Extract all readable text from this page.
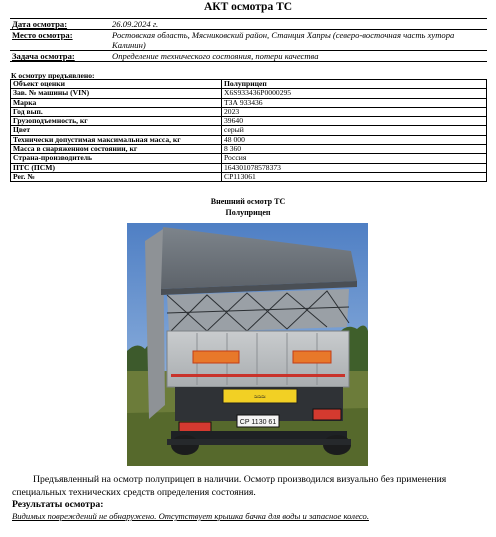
АКТ осмотра ТС
Дата осмотра:	26.09.2024 г.
Место осмотра:	Ростовская область, Мясниковский район, Станция Хапры (северо-восточная часть хутора Калинин)
Задача осмотра:	Определение технического состояния, потери качества
К осмотру предъявлено:
Объект оценки	Полуприцеп
Зав. № машины (VIN)	X6S933436P0000295
Марка	ТЗА 933436
Год вып.	2023
Грузоподъемность, кг	39640
Цвет	серый
Технически допустимая максимальная масса, кг	48 000
Масса в снаряженном состоянии, кг	8 360
Страна-производитель	Россия
ПТС (ПСМ)	164301078578373
Рег. №	СР113061
Внешний осмотр ТС
Полуприцеп
≈≈≈
СР 1130 61
Предъявленный на осмотр полуприцеп в наличии. Осмотр производился визуально без применения специальных технических средств определения состояния.
Результаты осмотра:
Видимых повреждений не обнаружено. Отсутствует крышка бачка для воды и запасное колесо.
